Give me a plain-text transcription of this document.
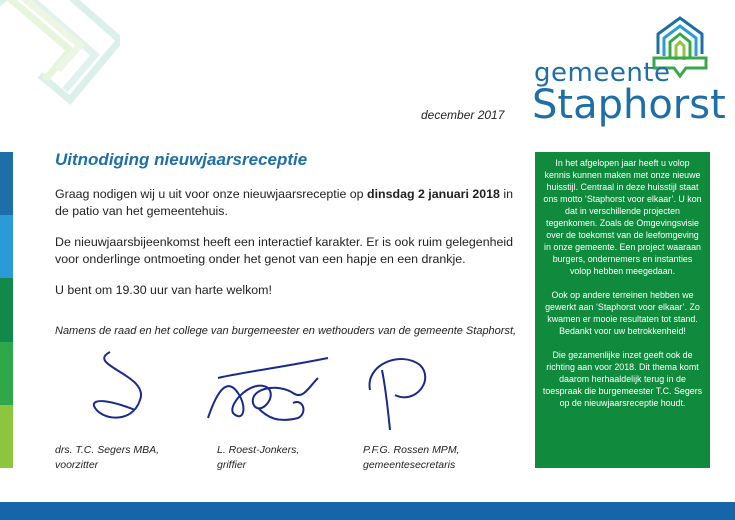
gemeente
Staphorst
december 2017
Uitnodiging nieuwjaarsreceptie
Graag nodigen wij u uit voor onze nieuwjaarsreceptie op dinsdag 2 januari 2018 in de patio van het gemeentehuis.
De nieuwjaarsbijeenkomst heeft een interactief karakter. Er is ook ruim gelegenheid voor onderlinge ontmoeting onder het genot van een hapje en een drankje.
U bent om 19.30 uur van harte welkom!
Namens de raad en het college van burgemeester en wethouders van de gemeente Staphorst,
drs. T.C. Segers MBA,
voorzitter
L. Roest-Jonkers,
griffier
P.F.G. Rossen MPM,
gemeentesecretaris

In het afgelopen jaar heeft u volop kennis kunnen maken met onze nieuwe huisstijl. Centraal in deze huisstijl staat ons motto ‘Staphorst voor elkaar’. U kon dat in verschillende projecten tegenkomen. Zoals de Omgevingsvisie over de toekomst van de leefomgeving in onze gemeente. Een project waaraan burgers, ondernemers en instanties volop hebben meegedaan.

Ook op andere terreinen hebben we gewerkt aan ‘Staphorst voor elkaar’. Zo kwamen er mooie resultaten tot stand. Bedankt voor uw betrokkenheid!

Die gezamenlijke inzet geeft ook de richting aan voor 2018. Dit thema komt daarom herhaaldelijk terug in de toespraak die burgemeester T.C. Segers op de nieuwjaarsreceptie houdt.
